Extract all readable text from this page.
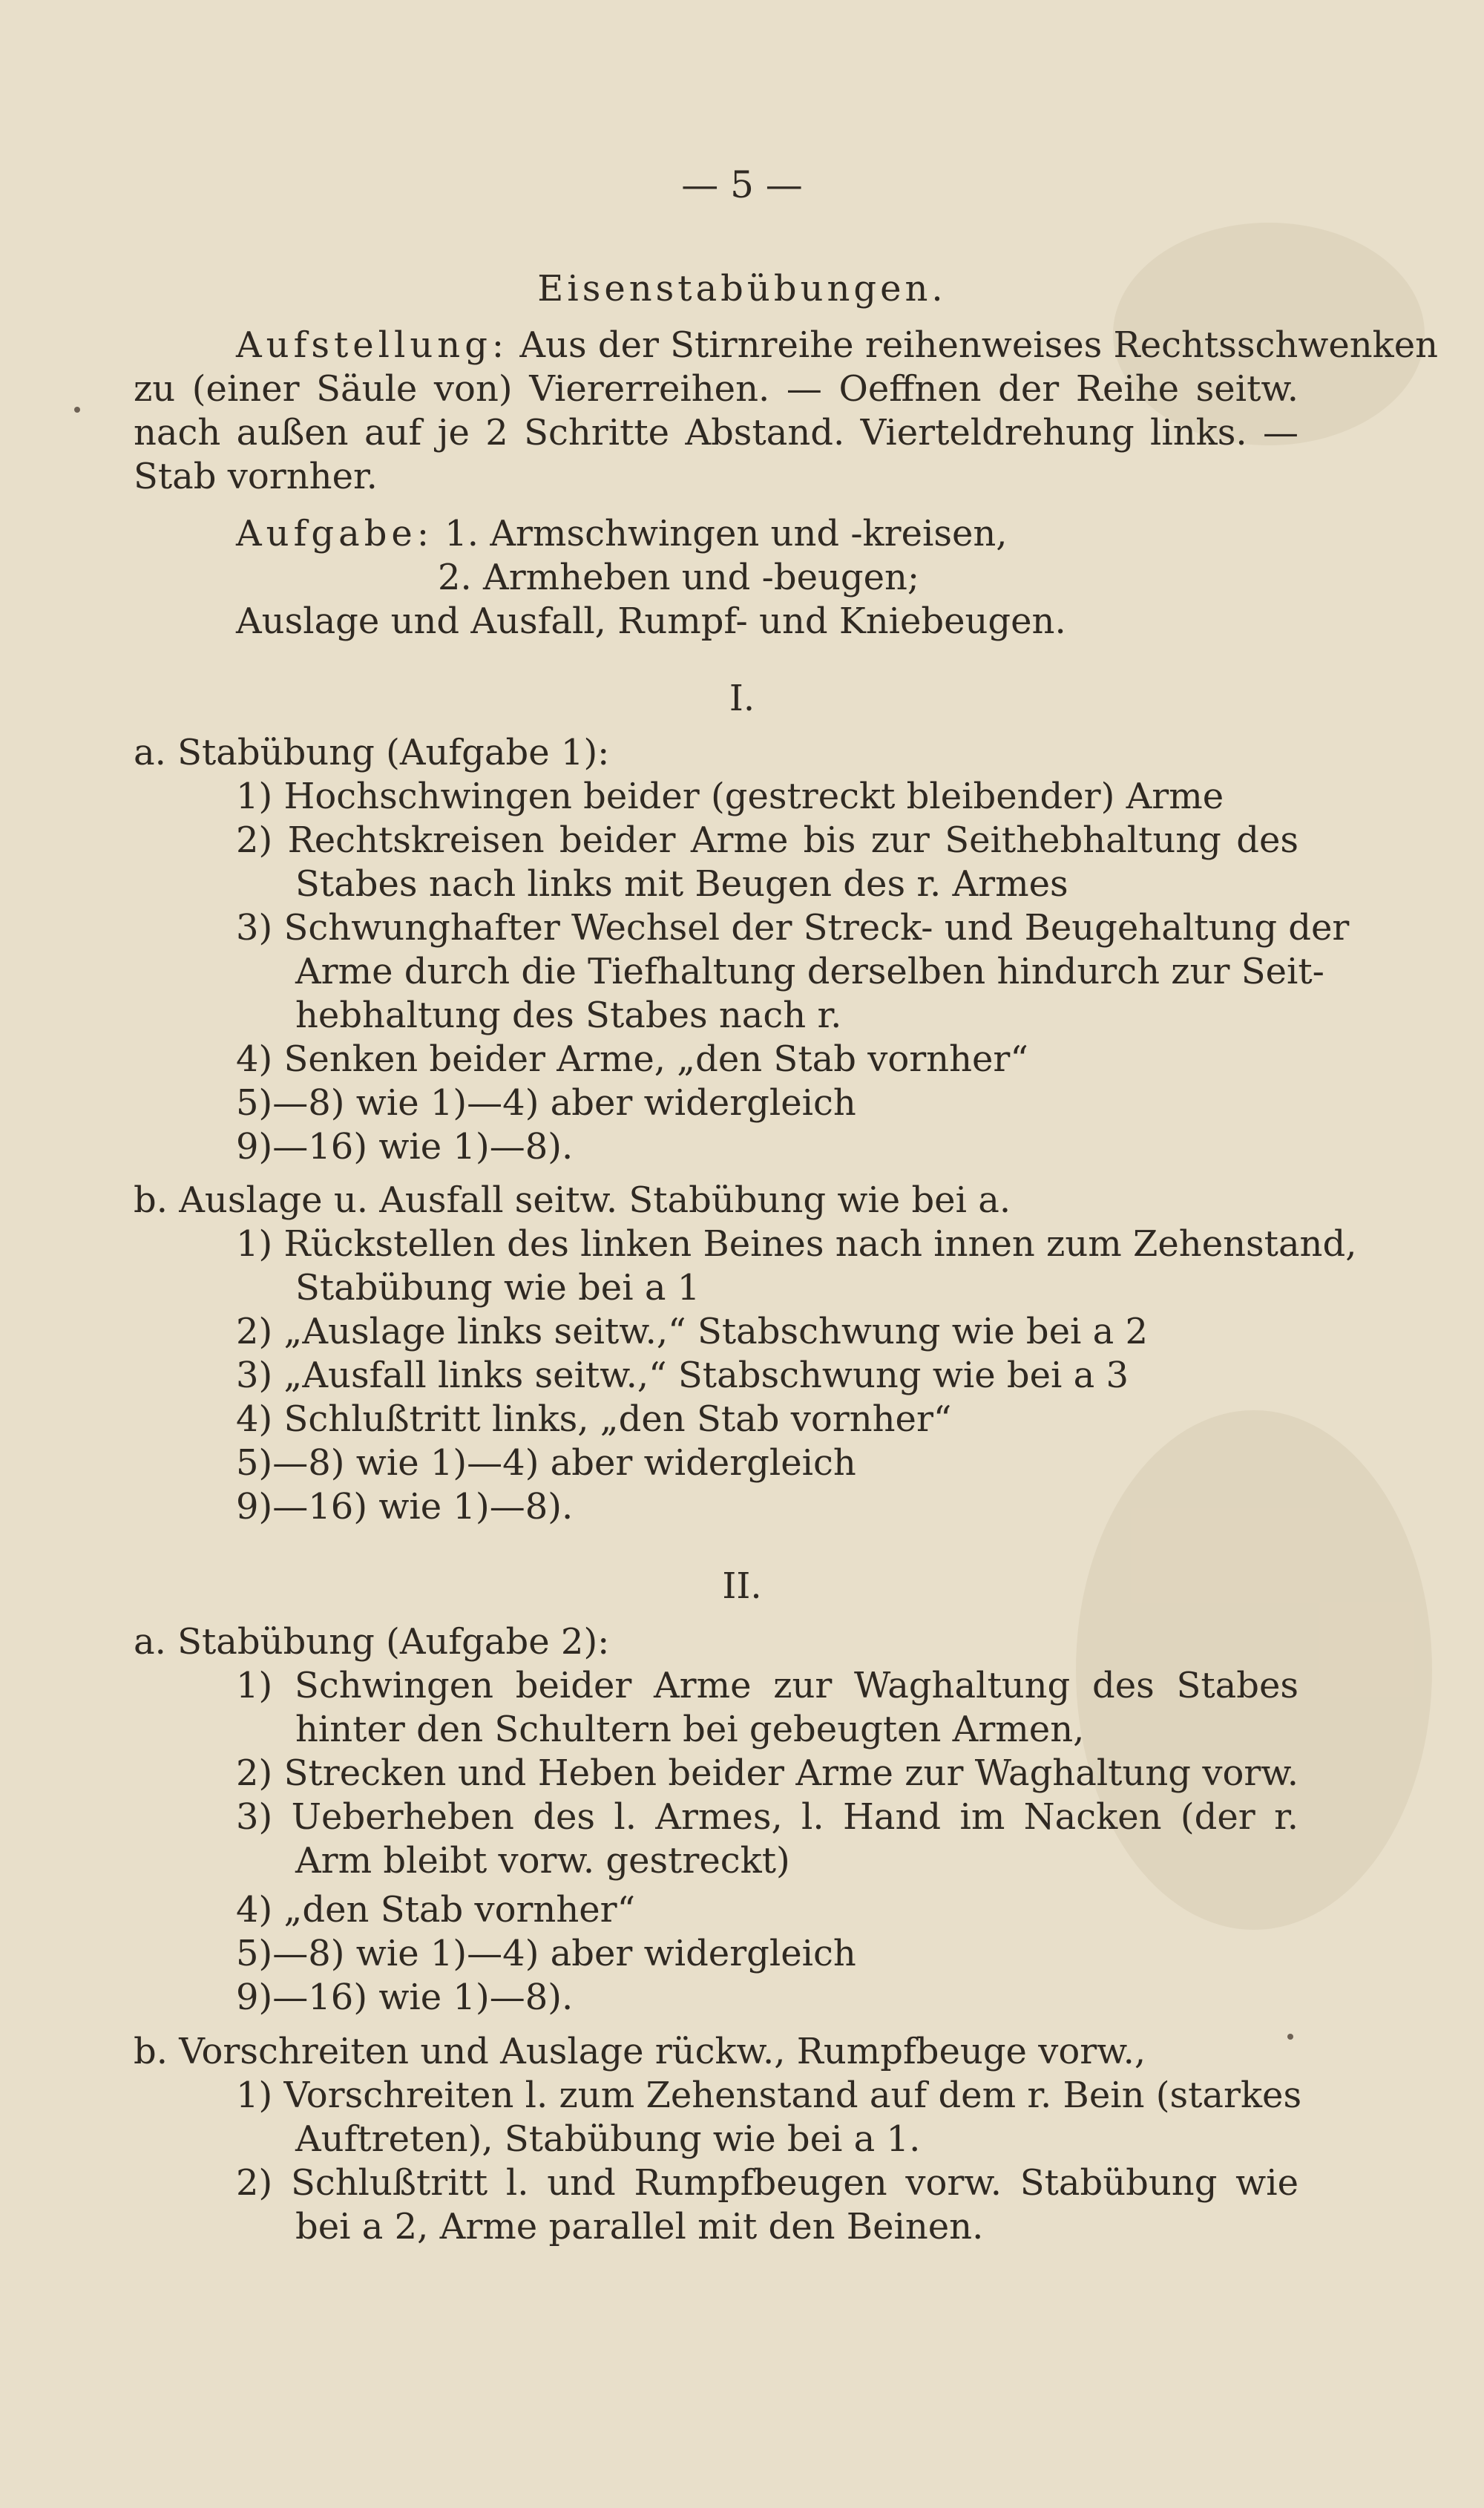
— 5 —
Eisenstabübungen.
Aufstellung: Aus der Stirnreihe reihenweises Rechtsschwenken
zu (einer Säule von) Viererreihen. — Oeffnen der Reihe seitw.
nach außen auf je 2 Schritte Abstand. Vierteldrehung links. —
Stab vornher.
Aufgabe: 1. Armschwingen und -kreisen,
2. Armheben und -beugen;
Auslage und Ausfall, Rumpf- und Kniebeugen.
I.
a. Stabübung (Aufgabe 1):
1) Hochschwingen beider (gestreckt bleibender) Arme
2) Rechtskreisen beider Arme bis zur Seithebhaltung des
Stabes nach links mit Beugen des r. Armes
3) Schwunghafter Wechsel der Streck- und Beugehaltung der
Arme durch die Tiefhaltung derselben hindurch zur Seit-
hebhaltung des Stabes nach r.
4) Senken beider Arme, „den Stab vornher“
5)—8) wie 1)—4) aber widergleich
9)—16) wie 1)—8).
b. Auslage u. Ausfall seitw. Stabübung wie bei a.
1) Rückstellen des linken Beines nach innen zum Zehenstand,
Stabübung wie bei a 1
2) „Auslage links seitw.,“ Stabschwung wie bei a 2
3) „Ausfall links seitw.,“ Stabschwung wie bei a 3
4) Schlußtritt links, „den Stab vornher“
5)—8) wie 1)—4) aber widergleich
9)—16) wie 1)—8).
II.
a. Stabübung (Aufgabe 2):
1) Schwingen beider Arme zur Waghaltung des Stabes
hinter den Schultern bei gebeugten Armen,
2) Strecken und Heben beider Arme zur Waghaltung vorw.
3) Ueberheben des l. Armes, l. Hand im Nacken (der r.
Arm bleibt vorw. gestreckt)
4) „den Stab vornher“
5)—8) wie 1)—4) aber widergleich
9)—16) wie 1)—8).
b. Vorschreiten und Auslage rückw., Rumpfbeuge vorw.,
1) Vorschreiten l. zum Zehenstand auf dem r. Bein (starkes
Auftreten), Stabübung wie bei a 1.
2) Schlußtritt l. und Rumpfbeugen vorw. Stabübung wie
bei a 2, Arme parallel mit den Beinen.
